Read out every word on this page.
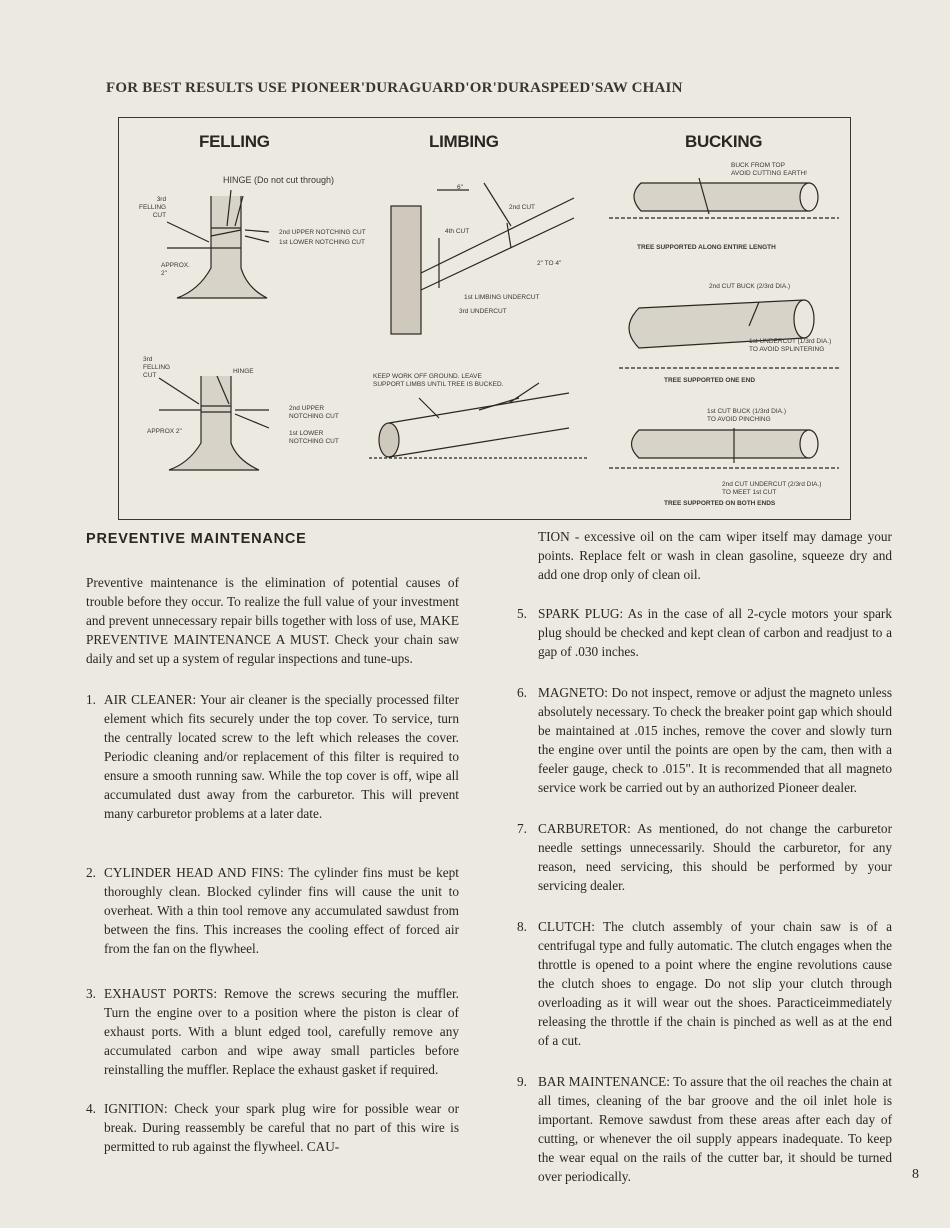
FOR BEST RESULTS USE PIONEER'DURAGUARD'OR'DURASPEED'SAW CHAIN
FELLING	LIMBING	BUCKING
HINGE (Do not cut through)
3rd
FELLING
CUT
2nd UPPER NOTCHING CUT
1st LOWER NOTCHING CUT
APPROX.
2"
3rd
FELLING
CUT
HINGE
2nd UPPER
NOTCHING CUT
1st LOWER
NOTCHING CUT
APPROX 2"
6"
2nd CUT
4th CUT
2" TO 4"
1st LIMBING UNDERCUT
3rd UNDERCUT
KEEP WORK OFF GROUND. LEAVE
SUPPORT LIMBS UNTIL TREE IS BUCKED.
BUCK FROM TOP
AVOID CUTTING EARTH!
TREE SUPPORTED ALONG ENTIRE LENGTH
2nd CUT BUCK (2/3rd DIA.)
1st UNDERCUT (1/3rd DIA.)
TO AVOID SPLINTERING
TREE SUPPORTED ONE END
1st CUT BUCK (1/3rd DIA.)
TO AVOID PINCHING
2nd CUT UNDERCUT (2/3rd DIA.)
TO MEET 1st CUT
TREE SUPPORTED ON BOTH ENDS
PREVENTIVE MAINTENANCE

Preventive maintenance is the elimination of potential causes of trouble before they occur. To realize the full value of your investment and prevent unnecessary repair bills together with loss of use, MAKE PREVENTIVE MAINTENANCE A MUST. Check your chain saw daily and set up a system of regular inspections and tune-ups.

1. AIR CLEANER: Your air cleaner is the specially processed filter element which fits securely under the top cover. To service, turn the centrally located screw to the left which releases the cover. Periodic cleaning and/or replacement of this filter is required to ensure a smooth running saw. While the top cover is off, wipe all accumulated dust away from the carburetor. This will prevent many carburetor problems at a later date.

2. CYLINDER HEAD AND FINS: The cylinder fins must be kept thoroughly clean. Blocked cylinder fins will cause the unit to overheat. With a thin tool remove any accumulated sawdust from between the fins. This increases the cooling effect of forced air from the fan on the flywheel.

3. EXHAUST PORTS: Remove the screws securing the muffler. Turn the engine over to a position where the piston is clear of exhaust ports. With a blunt edged tool, carefully remove any accumulated carbon and wipe away small particles before reinstalling the muffler. Replace the exhaust gasket if required.

4. IGNITION: Check your spark plug wire for possible wear or break. During reassembly be careful that no part of this wire is permitted to rub against the flywheel. CAU-

TION - excessive oil on the cam wiper itself may damage your points. Replace felt or wash in clean gasoline, squeeze dry and add one drop only of clean oil.

5. SPARK PLUG: As in the case of all 2-cycle motors your spark plug should be checked and kept clean of carbon and readjust to a gap of .030 inches.

6. MAGNETO: Do not inspect, remove or adjust the magneto unless absolutely necessary. To check the breaker point gap which should be maintained at .015 inches, remove the cover and slowly turn the engine over until the points are open by the cam, then with a feeler gauge, check to .015". It is recommended that all magneto service work be carried out by an authorized Pioneer dealer.

7. CARBURETOR: As mentioned, do not change the carburetor needle settings unnecessarily. Should the carburetor, for any reason, need servicing, this should be performed by your servicing dealer.

8. CLUTCH: The clutch assembly of your chain saw is of a centrifugal type and fully automatic. The clutch engages when the throttle is opened to a point where the engine revolutions cause the clutch shoes to engage. Do not slip your clutch through overloading as it will wear out the shoes. Paracticeimmediately releasing the throttle if the chain is pinched as well as at the end of a cut.

9. BAR MAINTENANCE: To assure that the oil reaches the chain at all times, cleaning of the bar groove and the oil inlet hole is important. Remove sawdust from these areas after each day of cutting, or whenever the oil supply appears inadequate. To keep the wear equal on the rails of the cutter bar, it should be turned over periodically.	8
